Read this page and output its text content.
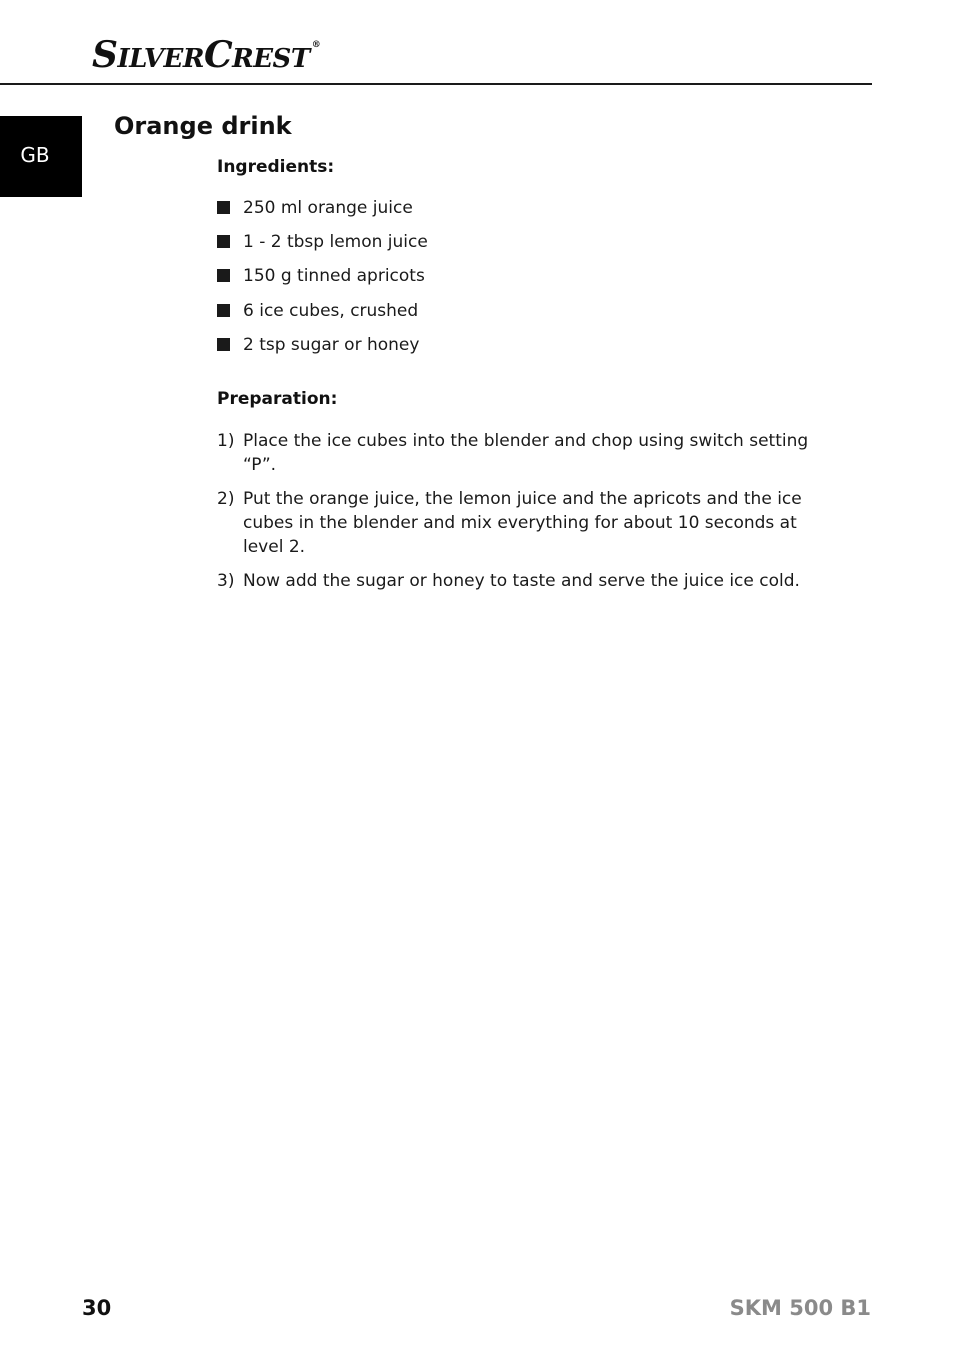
SILVERCREST ®
GB
Orange drink
Ingredients:
250 ml orange juice
1 - 2 tbsp lemon juice
150 g tinned apricots
6 ice cubes, crushed
2 tsp sugar or honey
Preparation:
1) Place the ice cubes into the blender and chop using switch setting “P”.
2) Put the orange juice, the lemon juice and the apricots and the ice cubes in the blender and mix everything for about 10 seconds at level 2.
3) Now add the sugar or honey to taste and serve the juice ice cold.
30	SKM 500 B1
